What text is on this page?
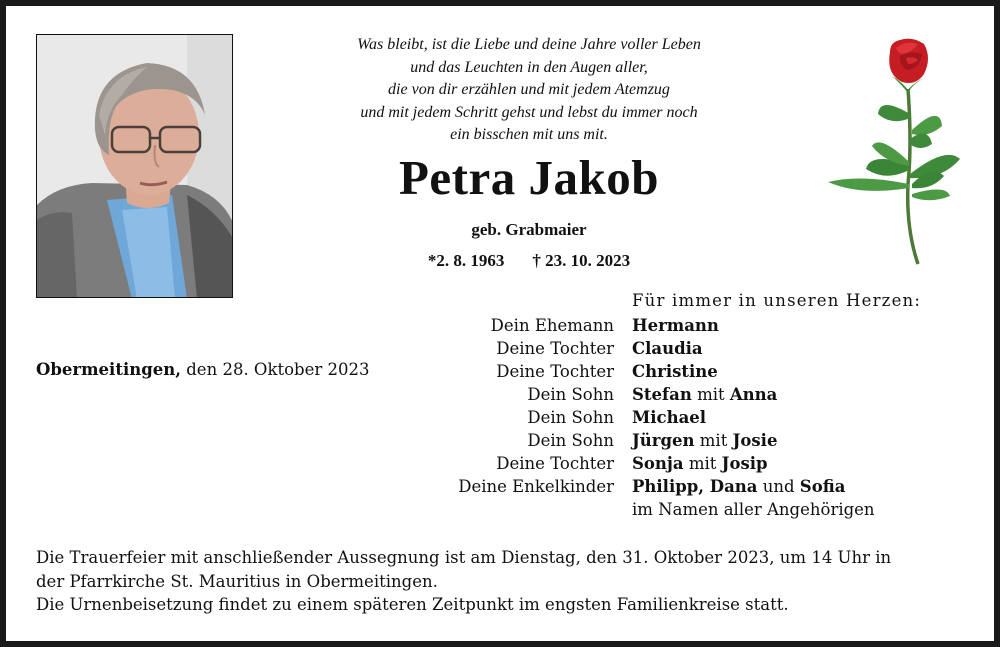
Was bleibt, ist die Liebe und deine Jahre voller Leben
und das Leuchten in den Augen aller,
die von dir erzählen und mit jedem Atemzug
und mit jedem Schritt gehst und lebst du immer noch
ein bisschen mit uns mit.
Petra Jakob
geb. Grabmaier
*2. 8. 1963 † 23. 10. 2023
Für immer in unseren Herzen:
Obermeitingen, den 28. Oktober 2023
Dein Ehemann Hermann
Deine Tochter Claudia
Deine Tochter Christine
Dein Sohn Stefan mit Anna
Dein Sohn Michael
Dein Sohn Jürgen mit Josie
Deine Tochter Sonja mit Josip
Deine Enkelkinder Philipp, Dana und Sofia
im Namen aller Angehörigen
Die Trauerfeier mit anschließender Aussegnung ist am Dienstag, den 31. Oktober 2023, um 14 Uhr in
der Pfarrkirche St. Mauritius in Obermeitingen.
Die Urnenbeisetzung findet zu einem späteren Zeitpunkt im engsten Familienkreise statt.
